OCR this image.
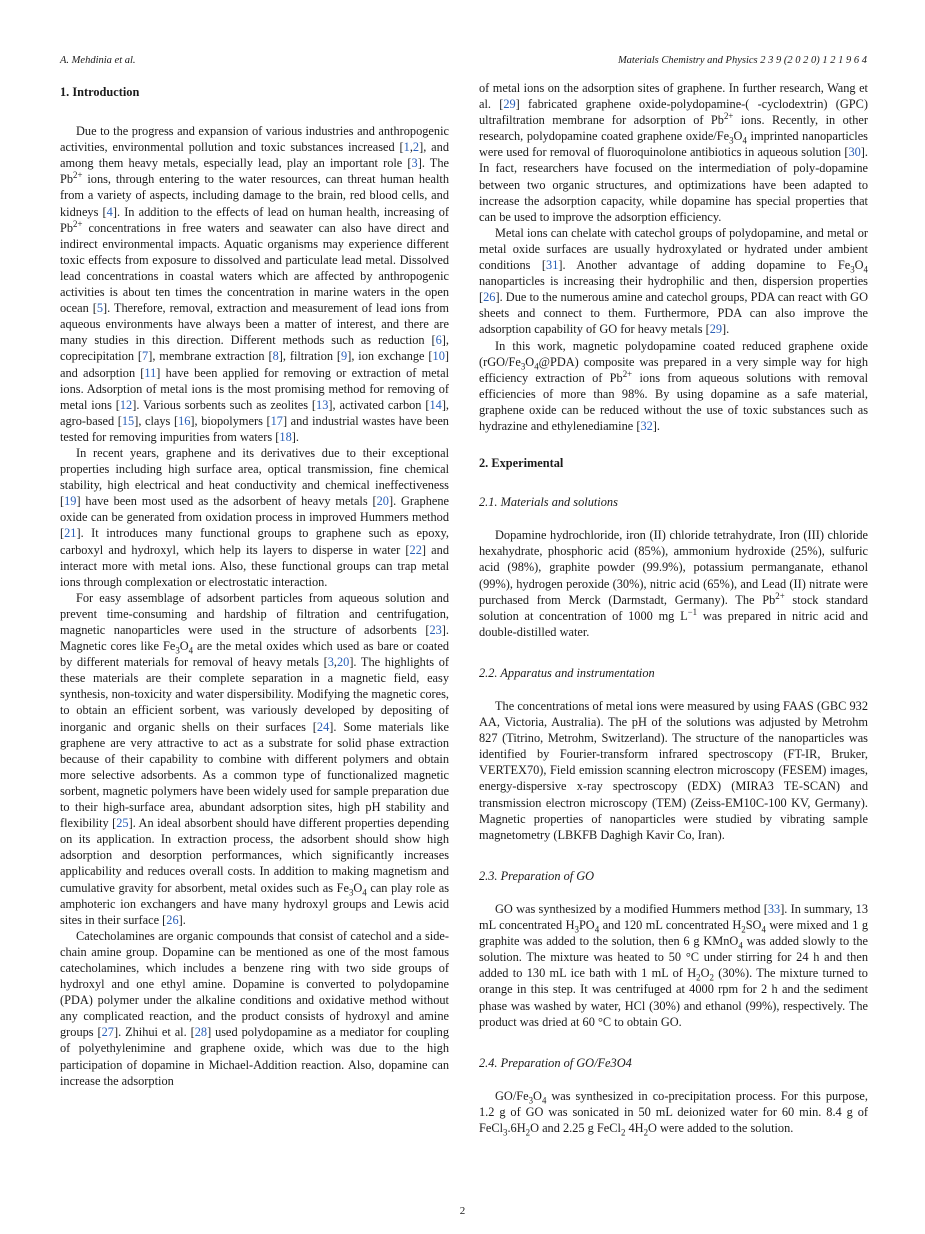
A. Mehdinia et al.	Materials Chemistry and Physics 2 3 9 (2 0 2 0) 1 2 1 9 6 4
1. Introduction

Due to the progress and expansion of various industries and anthropogenic activities, environmental pollution and toxic substances increased [1,2], and among them heavy metals, especially lead, play an important role [3]. The $Pb^{2+}$ ions, through entering to the water resources, can threat human health from a variety of aspects, including damage to the brain, red blood cells, and kidneys [4]. In addition to the effects of lead on human health, increasing of $Pb^{2+}$ concentrations in free waters and seawater can also have direct and indirect environmental impacts. Aquatic organisms may experience different toxic effects from exposure to dissolved and particulate lead metal. Dissolved lead concentrations in coastal waters which are affected by anthropogenic activities is about ten times the concentration in marine waters in the open ocean [5]. Therefore, removal, extraction and measurement of lead ions from aqueous environments have always been a matter of interest, and there are many studies in this direction. Different methods such as reduction [6], coprecipitation [7], membrane extraction [8], filtration [9], ion exchange [10] and adsorption [11] have been applied for removing or extraction of metal ions. Adsorption of metal ions is the most promising method for removing of metal ions [12]. Various sorbents such as zeolites [13], activated carbon [14], agro-based [15], clays [16], biopolymers [17] and industrial wastes have been tested for removing impurities from waters [18].

In recent years, graphene and its derivatives due to their exceptional properties including high surface area, optical transmission, fine chemical stability, high electrical and heat conductivity and chemical ineffectiveness [19] have been most used as the adsorbent of heavy metals [20]. Graphene oxide can be generated from oxidation process in improved Hummers method [21]. It introduces many functional groups to graphene such as epoxy, carboxyl and hydroxyl, which help its layers to disperse in water [22] and interact more with metal ions. Also, these functional groups can trap metal ions through complexation or electrostatic interaction.

For easy assemblage of adsorbent particles from aqueous solution and prevent time-consuming and hardship of filtration and centrifugation, magnetic nanoparticles were used in the structure of adsorbents [23]. Magnetic cores like $Fe_3O_4$ are the metal oxides which used as bare or coated by different materials for removal of heavy metals [3,20]. The highlights of these materials are their complete separation in a magnetic field, easy synthesis, non-toxicity and water dispersibility. Modifying the magnetic cores, to obtain an efficient sorbent, was variously developed by depositing of inorganic and organic shells on their surfaces [24]. Some materials like graphene are very attractive to act as a substrate for solid phase extraction because of their capability to combine with different polymers and obtain more selective adsorbents. As a common type of functionalized magnetic sorbent, magnetic polymers have been widely used for sample preparation due to their high-surface area, abundant adsorption sites, high pH stability and flexibility [25]. An ideal absorbent should have different properties depending on its application. In extraction process, the adsorbent should show high adsorption and desorption performances, which significantly increases applicability and reduces overall costs. In addition to making magnetism and cumulative gravity for absorbent, metal oxides such as $Fe_3O_4$ can play role as amphoteric ion exchangers and have many hydroxyl groups and Lewis acid sites in their surface [26].

Catecholamines are organic compounds that consist of catechol and a side-chain amine group. Dopamine can be mentioned as one of the most famous catecholamines, which includes a benzene ring with two side groups of hydroxyl and one ethyl amine. Dopamine is converted to polydopamine (PDA) polymer under the alkaline conditions and oxidative method without any complicated reaction, and the product consists of hydroxyl and amine groups [27]. Zhihui et al. [28] used polydopamine as a mediator for coupling of polyethylenimine and graphene oxide, which was due to the high participation of dopamine in Michael-Addition reaction. Also, dopamine can increase the adsorption

of metal ions on the adsorption sites of graphene. In further research, Wang et al. [29] fabricated graphene oxide-polydopamine-( -cyclodextrin) (GPC) ultrafiltration membrane for adsorption of $Pb^{2+}$ ions. Recently, in other research, polydopamine coated graphene oxide/$Fe_3O_4$ imprinted nanoparticles were used for removal of fluoroquinolone antibiotics in aqueous solution [30]. In fact, researchers have focused on the intermediation of poly-dopamine between two organic structures, and optimizations have been adapted to increase the adsorption capacity, while dopamine has special properties that can be used to improve the adsorption efficiency.

Metal ions can chelate with catechol groups of polydopamine, and metal or metal oxide surfaces are usually hydroxylated or hydrated under ambient conditions [31]. Another advantage of adding dopamine to $Fe_3O_4$ nanoparticles is increasing their hydrophilic and then, dispersion properties [26]. Due to the numerous amine and catechol groups, PDA can react with GO sheets and connect to them. Furthermore, PDA can also improve the adsorption capability of GO for heavy metals [29].

In this work, magnetic polydopamine coated reduced graphene oxide $(rGO/Fe_3O_4@PDA)$ composite was prepared in a very simple way for high efficiency extraction of $Pb^{2+}$ ions from aqueous solutions with removal efficiencies of more than 98%. By using dopamine as a safe material, graphene oxide can be reduced without the use of toxic substances such as hydrazine and ethylenediamine [32].

2. Experimental
2.1. Materials and solutions

Dopamine hydrochloride, iron (II) chloride tetrahydrate, Iron (III) chloride hexahydrate, phosphoric acid (85%), ammonium hydroxide (25%), sulfuric acid (98%), graphite powder (99.9%), potassium permanganate, ethanol (99%), hydrogen peroxide (30%), nitric acid (65%), and Lead (II) nitrate were purchased from Merck (Darmstadt, Germany). The $Pb^{2+}$ stock standard solution at concentration of 1000 mg $L^{-1}$ was prepared in nitric acid and double-distilled water.

2.2. Apparatus and instrumentation

The concentrations of metal ions were measured by using FAAS (GBC 932 AA, Victoria, Australia). The pH of the solutions was adjusted by Metrohm 827 (Titrino, Metrohm, Switzerland). The structure of the nanoparticles was identified by Fourier-transform infrared spectroscopy (FT-IR, Bruker, VERTEX70), Field emission scanning electron microscopy (FESEM) images, energy-dispersive x-ray spectroscopy (EDX) (MIRA3 TE-SCAN) and transmission electron microscopy (TEM) (Zeiss-EM10C-100 KV, Germany). Magnetic properties of nanoparticles were studied by vibrating sample magnetometry (LBKFB Daghigh Kavir Co, Iran).

2.3. Preparation of GO

GO was synthesized by a modified Hummers method [33]. In summary, 13 mL concentrated $H_3PO_4$ and 120 mL concentrated $H_2SO_4$ were mixed and 1 g graphite was added to the solution, then 6 g KMnO$_4$ was added slowly to the solution. The mixture was heated to 50 °C under stirring for 24 h and then added to 130 mL ice bath with 1 mL of $H_2O_2$ (30%). The mixture turned to orange in this step. It was centrifuged at 4000 rpm for 2 h and the sediment phase was washed by water, HCl (30%) and ethanol (99%), respectively. The product was dried at 60 °C to obtain GO.

2.4. Preparation of GO/Fe3O4

$GO/Fe_3O_4$ was synthesized in co-precipitation process. For this purpose, 1.2 g of GO was sonicated in 50 mL deionized water for 60 min. 8.4 g of $FeCl_3.6H_2O$ and 2.25 g FeCl$_2$ $4H_2O$ were added to the solution.

2
